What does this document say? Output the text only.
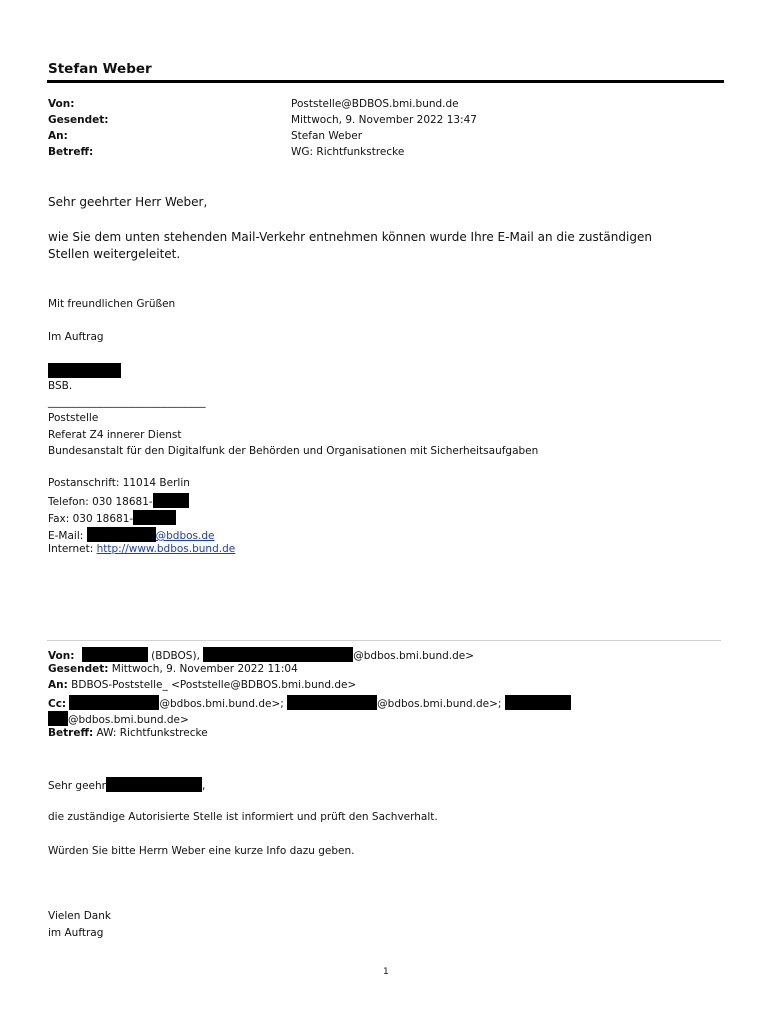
Stefan Weber
Von:	Poststelle@BDBOS.bmi.bund.de
Gesendet:	Mittwoch, 9. November 2022 13:47
An:	Stefan Weber
Betreff:	WG: Richtfunkstrecke
Sehr geehrter Herr Weber,
wie Sie dem unten stehenden Mail-Verkehr entnehmen können wurde Ihre E-Mail an die zuständigen
Stellen weitergeleitet.
Mit freundlichen Grüßen
Im Auftrag
BSB.
______________________________
Poststelle
Referat Z4 innerer Dienst
Bundesanstalt für den Digitalfunk der Behörden und Organisationen mit Sicherheitsaufgaben
Postanschrift: 11014 Berlin
Telefon: 030 18681-
Fax: 030 18681-
E-Mail:	@bdbos.de
Internet: http://www.bdbos.bund.de
Von:	(BDBOS),	@bdbos.bmi.bund.de>
Gesendet: Mittwoch, 9. November 2022 11:04
An: BDBOS-Poststelle_ <Poststelle@BDBOS.bmi.bund.de>
Cc:	@bdbos.bmi.bund.de>;	@bdbos.bmi.bund.de>;
@bdbos.bmi.bund.de>
Betreff: AW: Richtfunkstrecke
Sehr geehr	,
die zuständige Autorisierte Stelle ist informiert und prüft den Sachverhalt.
Würden Sie bitte Herrn Weber eine kurze Info dazu geben.
Vielen Dank
im Auftrag
1
